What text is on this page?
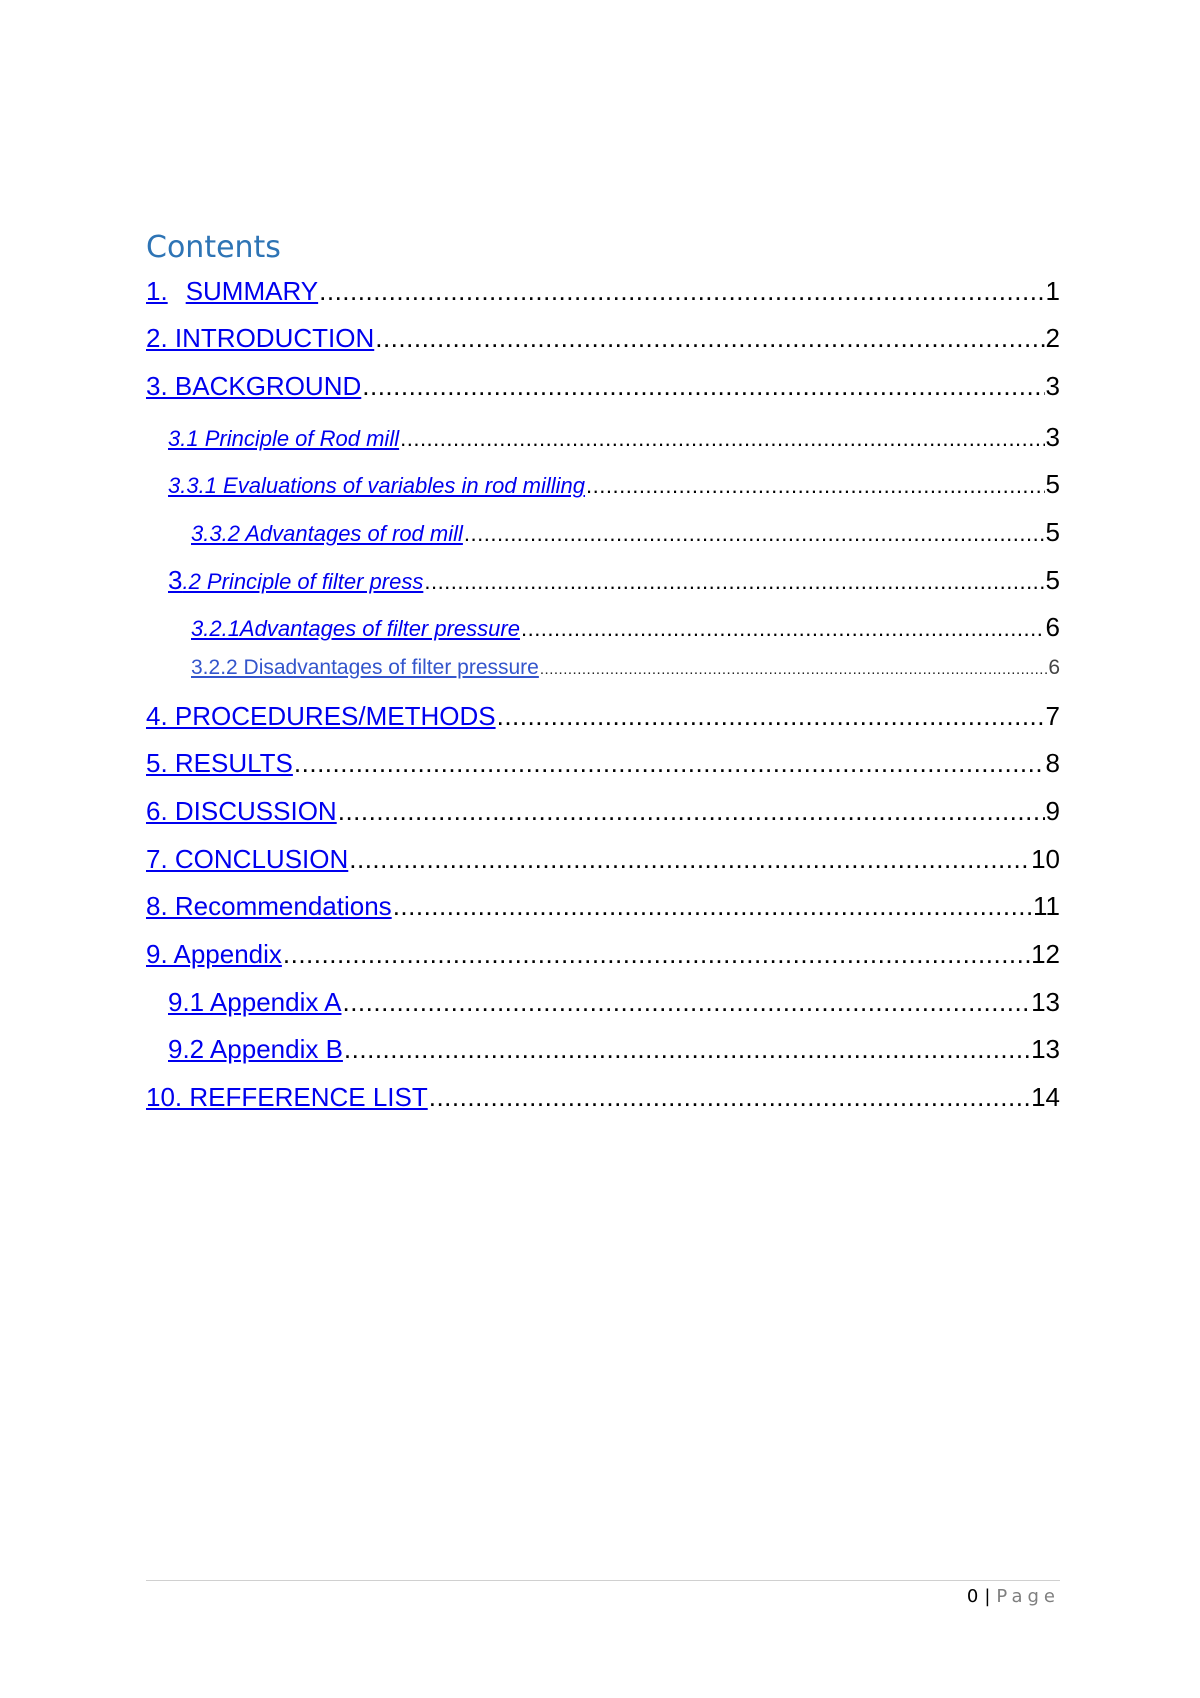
Contents
1. SUMMARY .....	1
2. INTRODUCTION .....	2
3. BACKGROUND .....	3
3.1 Principle of Rod mill .....	3
3.3.1 Evaluations of variables in rod milling .....	5
3.3.2 Advantages of rod mill .....	5
3.2 Principle of filter press .....	5
3.2.1Advantages of filter pressure .....	6
3.2.2 Disadvantages of filter pressure .....	6
4. PROCEDURES/METHODS .....	7
5. RESULTS .....	8
6. DISCUSSION .....	9
7. CONCLUSION .....	10
8. Recommendations .....	11
9. Appendix .....	12
9.1 Appendix A .....	13
9.2 Appendix B .....	13
10. REFFERENCE LIST .....	14
0 | Page
